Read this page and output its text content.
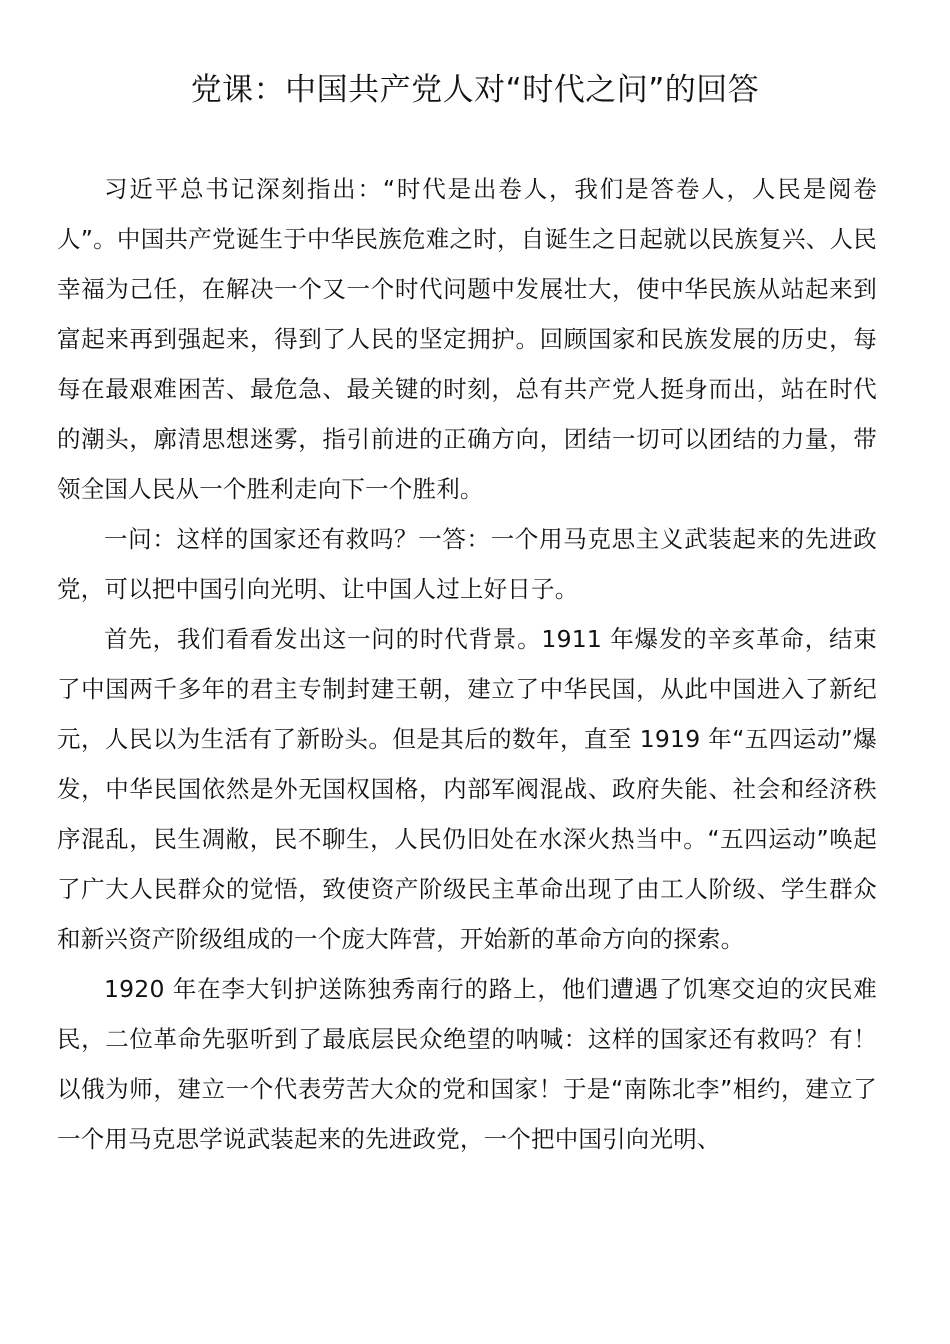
党课：中国共产党人对“时代之问”的回答

习近平总书记深刻指出：“时代是出卷人，我们是答卷人，人民是阅卷人”。中国共产党诞生于中华民族危难之时，自诞生之日起就以民族复兴、人民幸福为己任，在解决一个又一个时代问题中发展壮大，使中华民族从站起来到富起来再到强起来，得到了人民的坚定拥护。回顾国家和民族发展的历史，每每在最艰难困苦、最危急、最关键的时刻，总有共产党人挺身而出，站在时代的潮头，廓清思想迷雾，指引前进的正确方向，团结一切可以团结的力量，带领全国人民从一个胜利走向下一个胜利。

一问：这样的国家还有救吗？一答：一个用马克思主义武装起来的先进政党，可以把中国引向光明、让中国人过上好日子。

首先，我们看看发出这一问的时代背景。1911 年爆发的辛亥革命，结束了中国两千多年的君主专制封建王朝，建立了中华民国，从此中国进入了新纪元，人民以为生活有了新盼头。但是其后的数年，直至 1919 年“五四运动”爆发，中华民国依然是外无国权国格，内部军阀混战、政府失能、社会和经济秩序混乱，民生凋敝，民不聊生，人民仍旧处在水深火热当中。“五四运动”唤起了广大人民群众的觉悟，致使资产阶级民主革命出现了由工人阶级、学生群众和新兴资产阶级组成的一个庞大阵营，开始新的革命方向的探索。

1920 年在李大钊护送陈独秀南行的路上，他们遭遇了饥寒交迫的灾民难民，二位革命先驱听到了最底层民众绝望的呐喊：这样的国家还有救吗？有！以俄为师，建立一个代表劳苦大众的党和国家！于是“南陈北李”相约，建立了一个用马克思学说武装起来的先进政党，一个把中国引向光明、
